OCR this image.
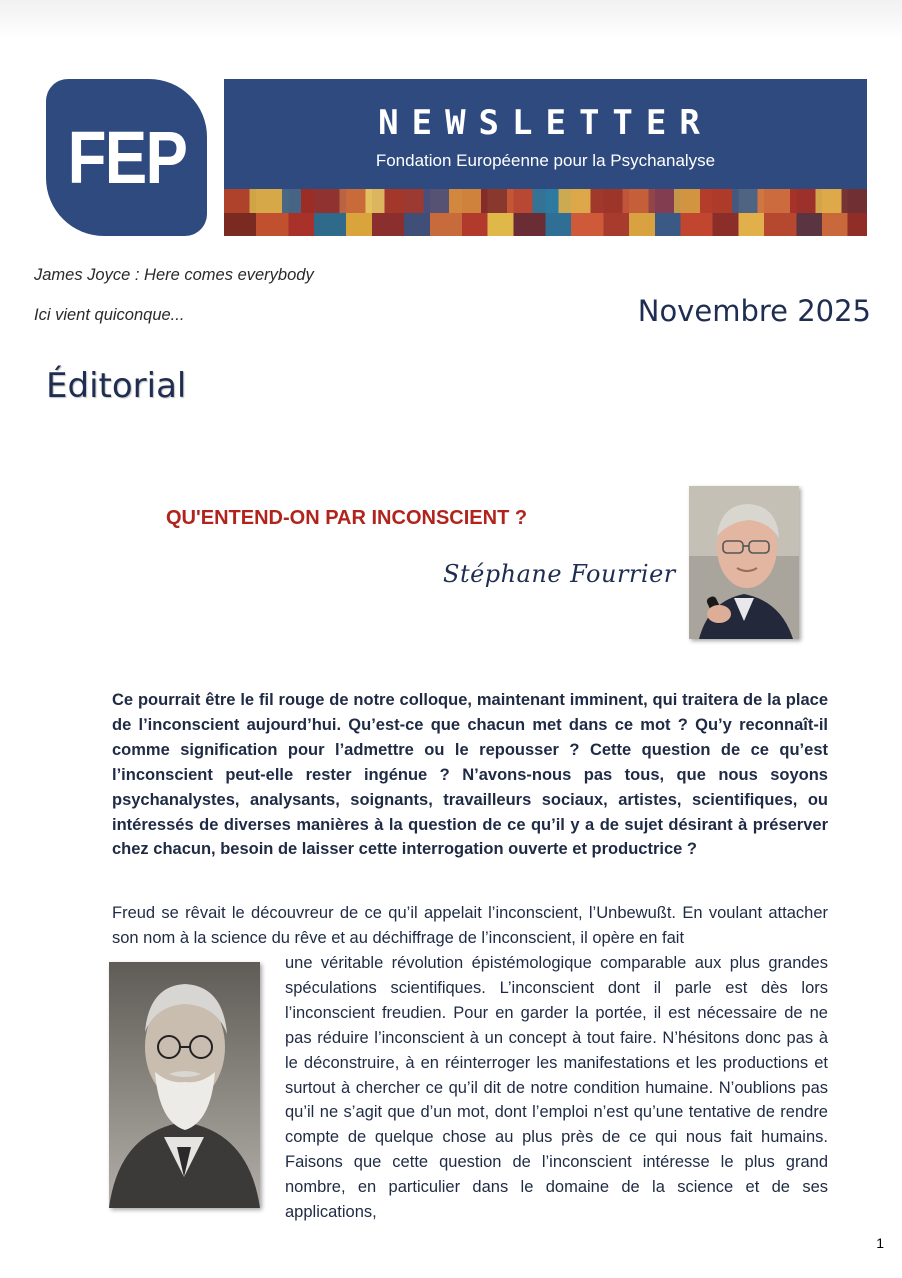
FEP	NEWSLETTER
Fondation Européenne pour la Psychanalyse
James Joyce : Here comes everybody
Ici vient quiconque...	Novembre 2025
Éditorial
QU'ENTEND-ON PAR INCONSCIENT ?
Stéphane Fourrier
Ce pourrait être le fil rouge de notre colloque, maintenant imminent, qui traitera de la place de l’inconscient aujourd’hui. Qu’est-ce que chacun met dans ce mot ? Qu’y reconnaît-il comme signification pour l’admettre ou le repousser ? Cette question de ce qu’est l’inconscient peut-elle rester ingénue ? N’avons-nous pas tous, que nous soyons psychanalystes, analysants, soignants, travailleurs sociaux, artistes, scientifiques, ou intéressés de diverses manières à la question de ce qu’il y a de sujet désirant à préserver chez chacun, besoin de laisser cette interrogation ouverte et productrice ?
Freud se rêvait le découvreur de ce qu’il appelait l’inconscient, l’Unbewußt. En voulant attacher son nom à la science du rêve et au déchiffrage de l’inconscient, il opère en fait
une véritable révolution épistémologique comparable aux plus grandes spéculations scientifiques. L’inconscient dont il parle est dès lors l’inconscient freudien. Pour en garder la portée, il est nécessaire de ne pas réduire l’inconscient à un concept à tout faire. N’hésitons donc pas à le déconstruire, à en réinterroger les manifestations et les productions et surtout à chercher ce qu’il dit de notre condition humaine. N’oublions pas qu’il ne s’agit que d’un mot, dont l’emploi n’est qu’une tentative de rendre compte de quelque chose au plus près de ce qui nous fait humains. Faisons que cette question de l’inconscient intéresse le plus grand nombre, en particulier dans le domaine de la science et de ses applications,
1
